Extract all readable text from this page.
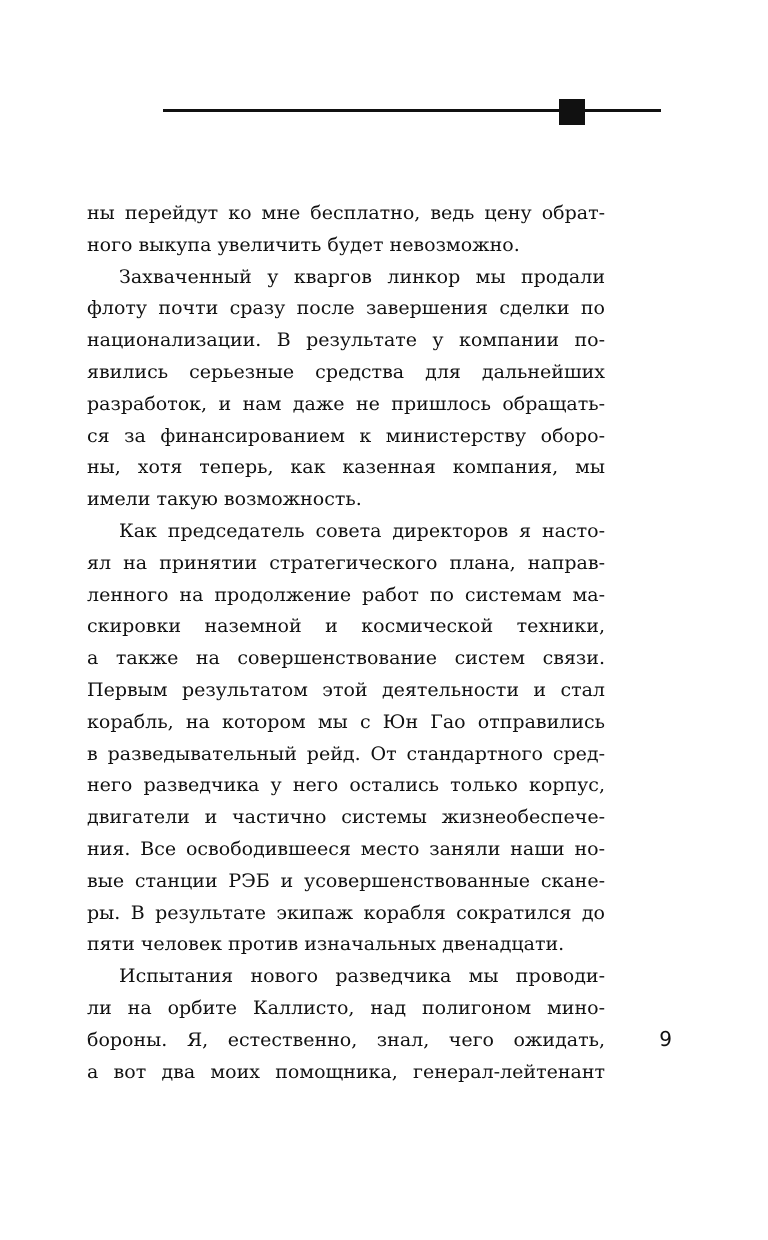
ны перейдут ко мне бесплатно, ведь цену обрат-
ного выкупа увеличить будет невозможно.
Захваченный у кваргов линкор мы продали
флоту почти сразу после завершения сделки по
национализации. В результате у компании по-
явились серьезные средства для дальнейших
разработок, и нам даже не пришлось обращать-
ся за финансированием к министерству оборо-
ны, хотя теперь, как казенная компания, мы
имели такую возможность.
Как председатель совета директоров я насто-
ял на принятии стратегического плана, направ-
ленного на продолжение работ по системам ма-
скировки наземной и космической техники,
а также на совершенствование систем связи.
Первым результатом этой деятельности и стал
корабль, на котором мы с Юн Гао отправились
в разведывательный рейд. От стандартного сред-
него разведчика у него остались только корпус,
двигатели и частично системы жизнеобеспече-
ния. Все освободившееся место заняли наши но-
вые станции РЭБ и усовершенствованные скане-
ры. В результате экипаж корабля сократился до
пяти человек против изначальных двенадцати.
Испытания нового разведчика мы проводи-
ли на орбите Каллисто, над полигоном мино-
бороны. Я, естественно, знал, чего ожидать,
а вот два моих помощника, генерал-лейтенант
9
